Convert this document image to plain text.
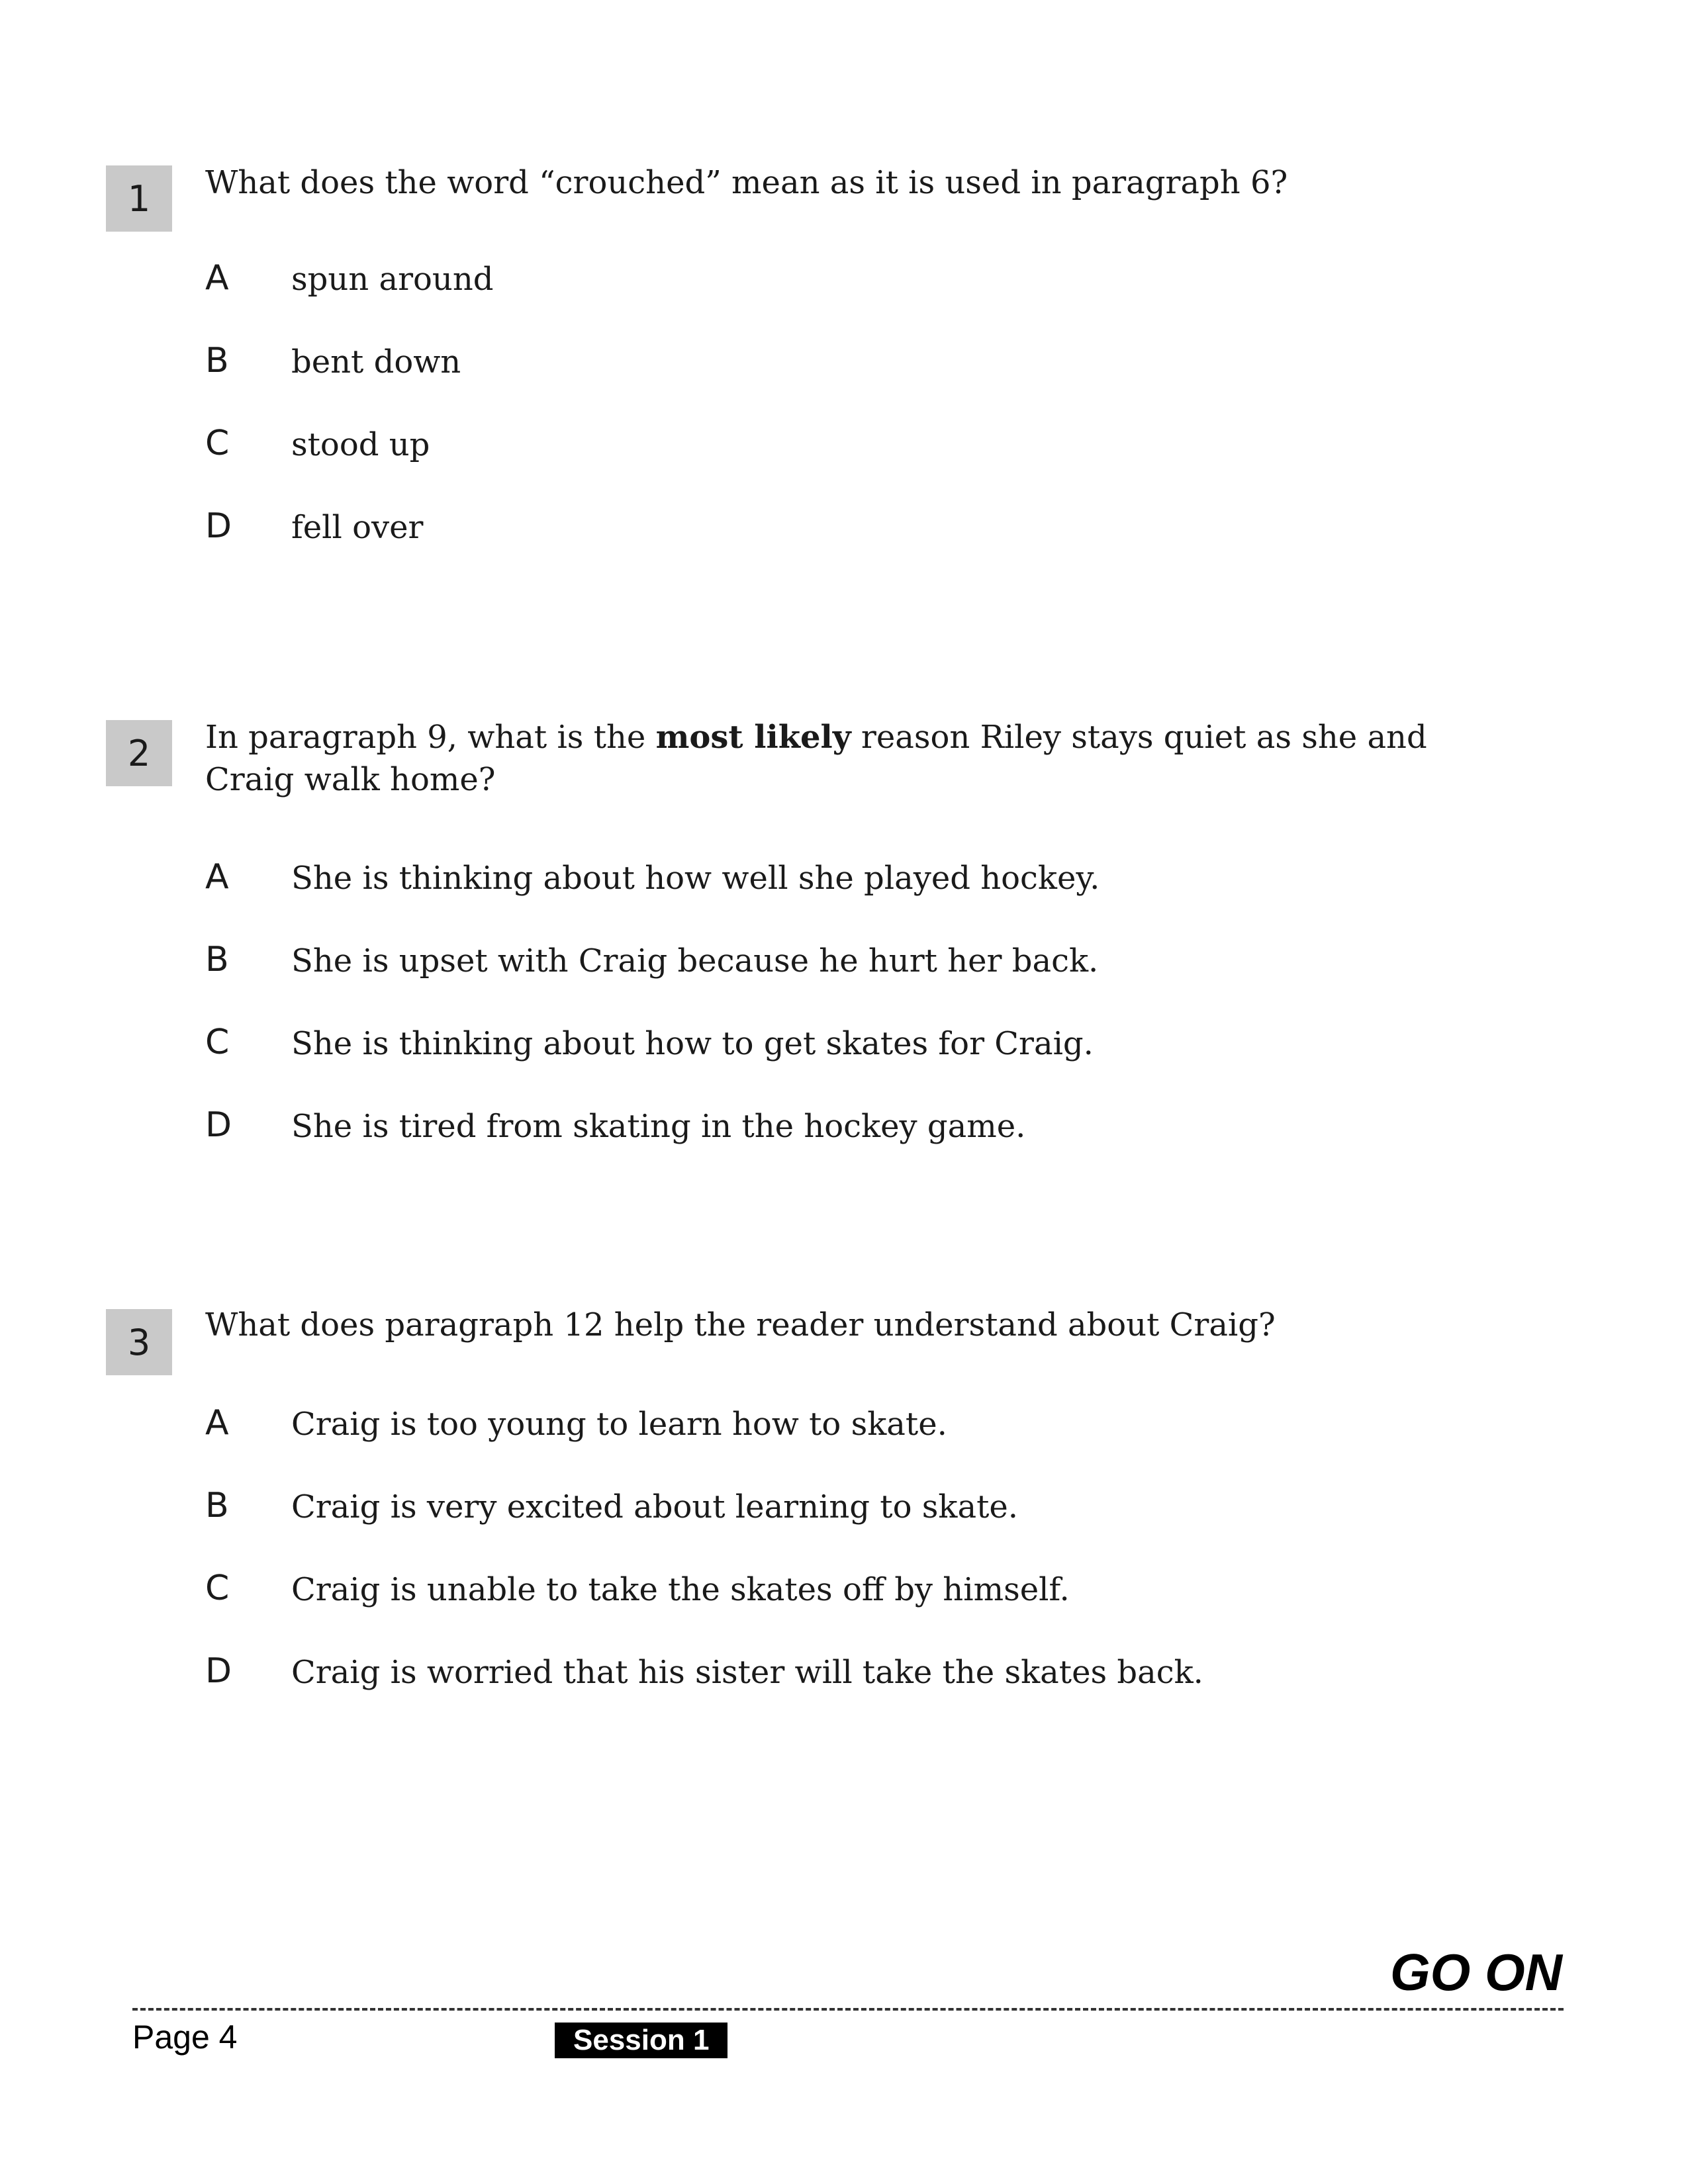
1 What does the word “crouched” mean as it is used in paragraph 6?
A spun around
B bent down
C stood up
D fell over
2 In paragraph 9, what is the most likely reason Riley stays quiet as she and Craig walk home?
A She is thinking about how well she played hockey.
B She is upset with Craig because he hurt her back.
C She is thinking about how to get skates for Craig.
D She is tired from skating in the hockey game.
3 What does paragraph 12 help the reader understand about Craig?
A Craig is too young to learn how to skate.
B Craig is very excited about learning to skate.
C Craig is unable to take the skates off by himself.
D Craig is worried that his sister will take the skates back.
GO ON
Page 4	Session 1
